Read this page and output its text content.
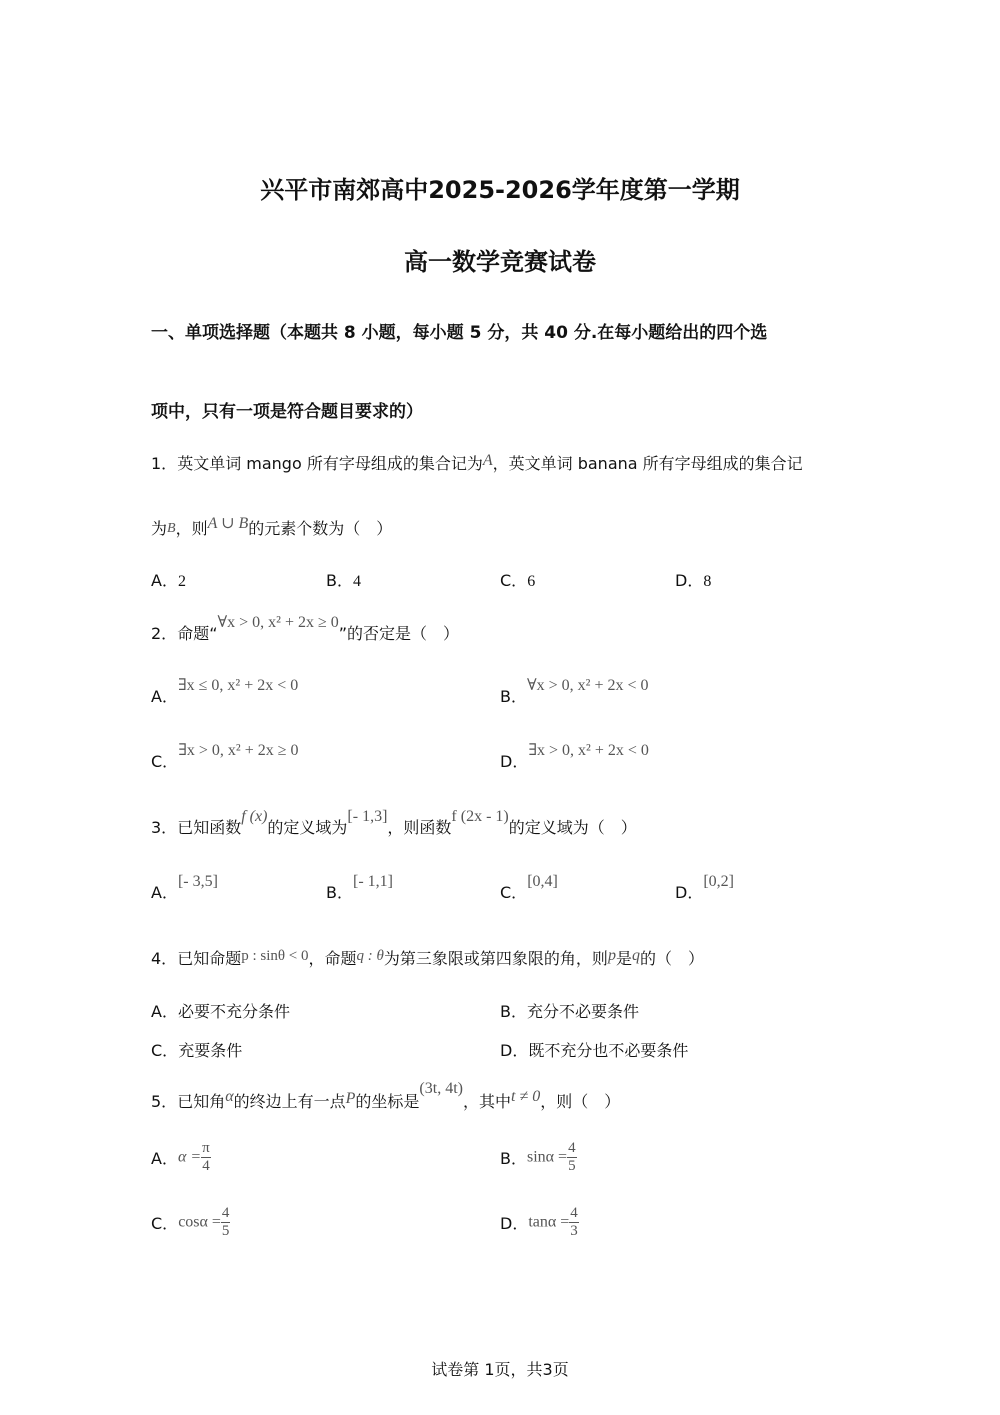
兴平市南郊高中2025-2026学年度第一学期
高一数学竞赛试卷
一、单项选择题（本题共 8 小题，每小题 5 分，共 40 分.在每小题给出的四个选
项中，只有一项是符合题目要求的）
1．英文单词 mango 所有字母组成的集合记为A，英文单词 banana 所有字母组成的集合记
为B，则A ∪ B的元素个数为（　）
A．2	B．4	C．6	D．8
2．命题“∀x > 0, x² + 2x ≥ 0”的否定是（　）
A．∃x ≤ 0, x² + 2x < 0
B．∀x > 0, x² + 2x < 0
C．∃x > 0, x² + 2x ≥ 0
D．∃x > 0, x² + 2x < 0
3．已知函数f (x)的定义域为[- 1,3]，则函数f (2x - 1)的定义域为（　）
A．[- 3,5]
B．[- 1,1]
C．[0,4]
D．[0,2]
4．已知命题p : sinθ < 0，命题q : θ为第三象限或第四象限的角，则p是q的（　）
A．必要不充分条件	B．充分不必要条件
C．充要条件	D．既不充分也不必要条件
5．已知角α的终边上有一点P的坐标是(3t, 4t)，其中t ≠ 0，则（　）
A．$\alpha = \frac{\pi}{4}$	B．$\sin\alpha = \frac{4}{5}$
C．$\cos\alpha = \frac{4}{5}$	D．$\tan\alpha = \frac{4}{3}$
试卷第 1页，共3页
